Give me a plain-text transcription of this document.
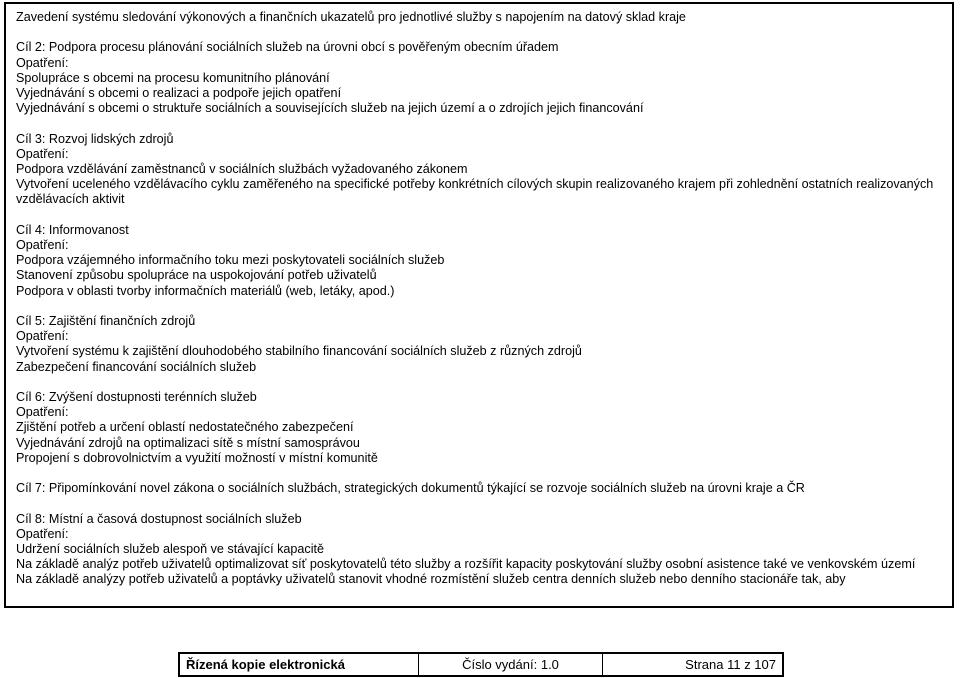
Zavedení systému sledování výkonových a finančních ukazatelů pro jednotlivé služby s napojením na datový sklad kraje
Cíl 2: Podpora procesu plánování sociálních služeb na úrovni obcí s pověřeným obecním úřadem
Opatření:
Spolupráce s obcemi na procesu komunitního plánování
Vyjednávání s obcemi o realizaci a podpoře jejich opatření
Vyjednávání s obcemi o struktuře sociálních a souvisejících služeb na jejich území a o zdrojích jejich financování
Cíl 3: Rozvoj lidských zdrojů
Opatření:
Podpora vzdělávání zaměstnanců v sociálních službách vyžadovaného zákonem
Vytvoření uceleného vzdělávacího cyklu zaměřeného na specifické potřeby konkrétních cílových skupin realizovaného krajem při zohlednění ostatních realizovaných vzdělávacích aktivit
Cíl 4: Informovanost
Opatření:
Podpora vzájemného informačního toku mezi poskytovateli sociálních služeb
Stanovení způsobu spolupráce na uspokojování potřeb uživatelů
Podpora v oblasti tvorby informačních materiálů (web, letáky, apod.)
Cíl 5: Zajištění finančních zdrojů
Opatření:
Vytvoření systému k zajištění dlouhodobého stabilního financování sociálních služeb z různých zdrojů
Zabezpečení financování sociálních služeb
Cíl 6: Zvýšení dostupnosti terénních služeb
Opatření:
Zjištění potřeb a určení oblastí nedostatečného zabezpečení
Vyjednávání zdrojů na optimalizaci sítě s místní samosprávou
Propojení s dobrovolnictvím a využití možností v místní komunitě
Cíl 7: Připomínkování novel zákona o sociálních službách, strategických dokumentů týkající se rozvoje sociálních služeb na úrovni kraje a ČR
Cíl 8: Místní a časová dostupnost sociálních služeb
Opatření:
Udržení sociálních služeb alespoň ve stávající kapacitě
Na základě analýz potřeb uživatelů optimalizovat síť poskytovatelů této služby a rozšířit kapacity poskytování služby osobní asistence také ve venkovském území
Na základě analýzy potřeb uživatelů a poptávky uživatelů stanovit vhodné rozmístění služeb centra denních služeb nebo denního stacionáře tak, aby
Řízená kopie elektronická	Číslo vydání: 1.0	Strana 11 z 107
